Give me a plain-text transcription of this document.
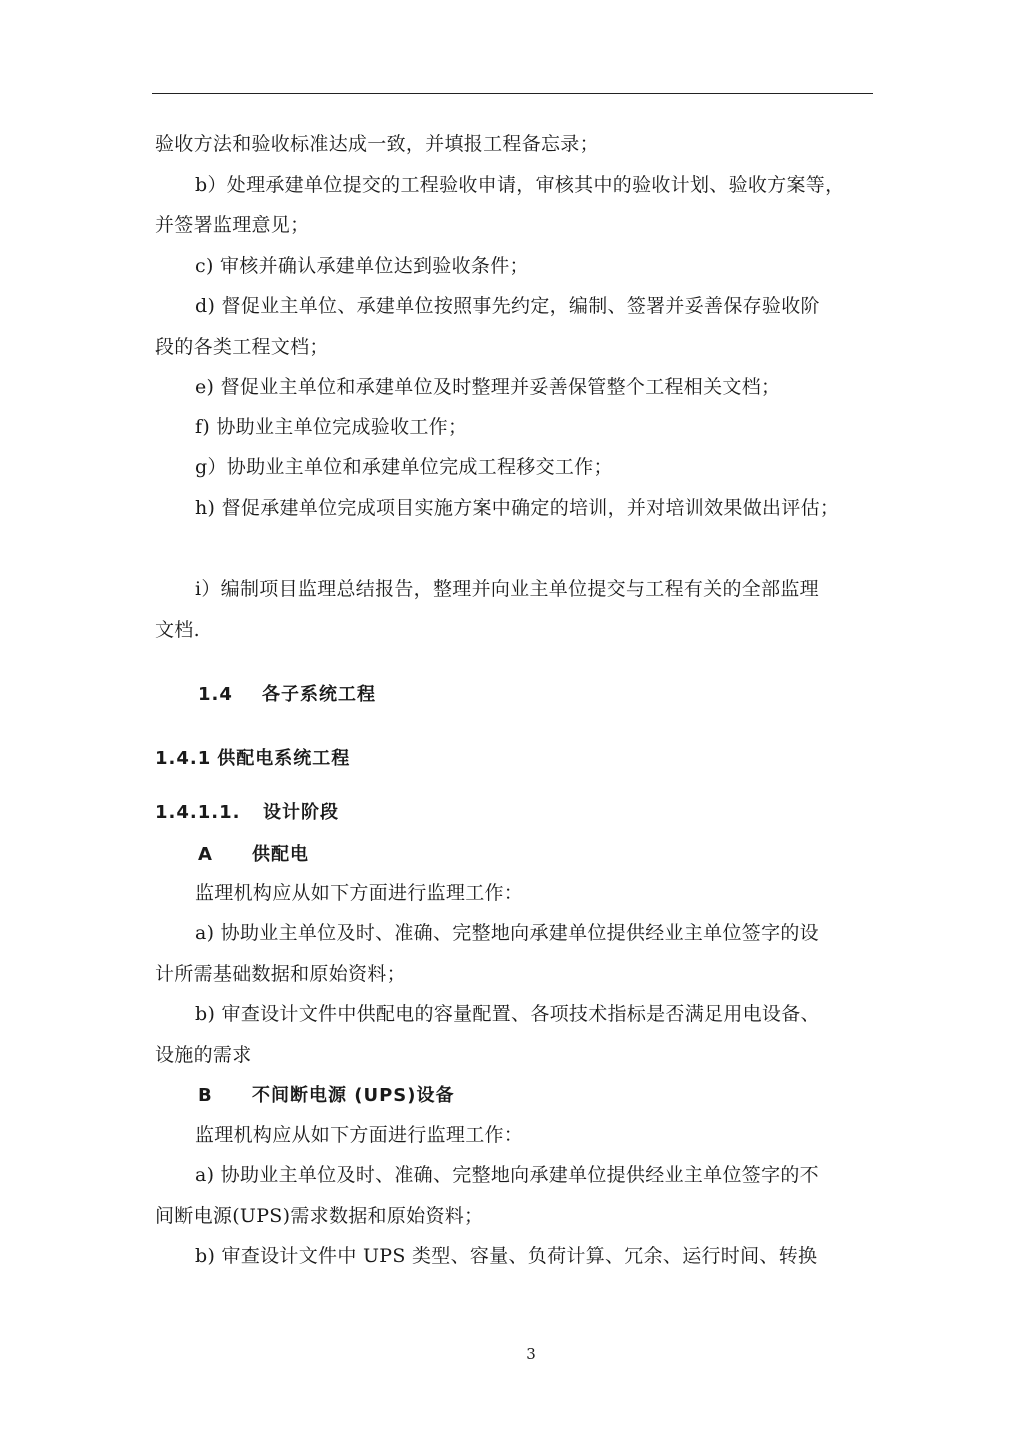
验收方法和验收标准达成一致，并填报工程备忘录；
b）处理承建单位提交的工程验收申请，审核其中的验收计划、验收方案等，
并签署监理意见；
c) 审核并确认承建单位达到验收条件；
d) 督促业主单位、承建单位按照事先约定，编制、签署并妥善保存验收阶
段的各类工程文档；
e) 督促业主单位和承建单位及时整理并妥善保管整个工程相关文档；
f) 协助业主单位完成验收工作；
g）协助业主单位和承建单位完成工程移交工作；
h) 督促承建单位完成项目实施方案中确定的培训，并对培训效果做出评估；
i）编制项目监理总结报告，整理并向业主单位提交与工程有关的全部监理
文档.
1.4 各子系统工程
1.4.1 供配电系统工程
1.4.1.1. 设计阶段
A 供配电
监理机构应从如下方面进行监理工作：
a) 协助业主单位及时、准确、完整地向承建单位提供经业主单位签字的设
计所需基础数据和原始资料；
b) 审查设计文件中供配电的容量配置、各项技术指标是否满足用电设备、
设施的需求
B 不间断电源 (UPS)设备
监理机构应从如下方面进行监理工作：
a) 协助业主单位及时、准确、完整地向承建单位提供经业主单位签字的不
间断电源(UPS)需求数据和原始资料；
b) 审查设计文件中 UPS 类型、容量、负荷计算、冗余、运行时间、转换
3
